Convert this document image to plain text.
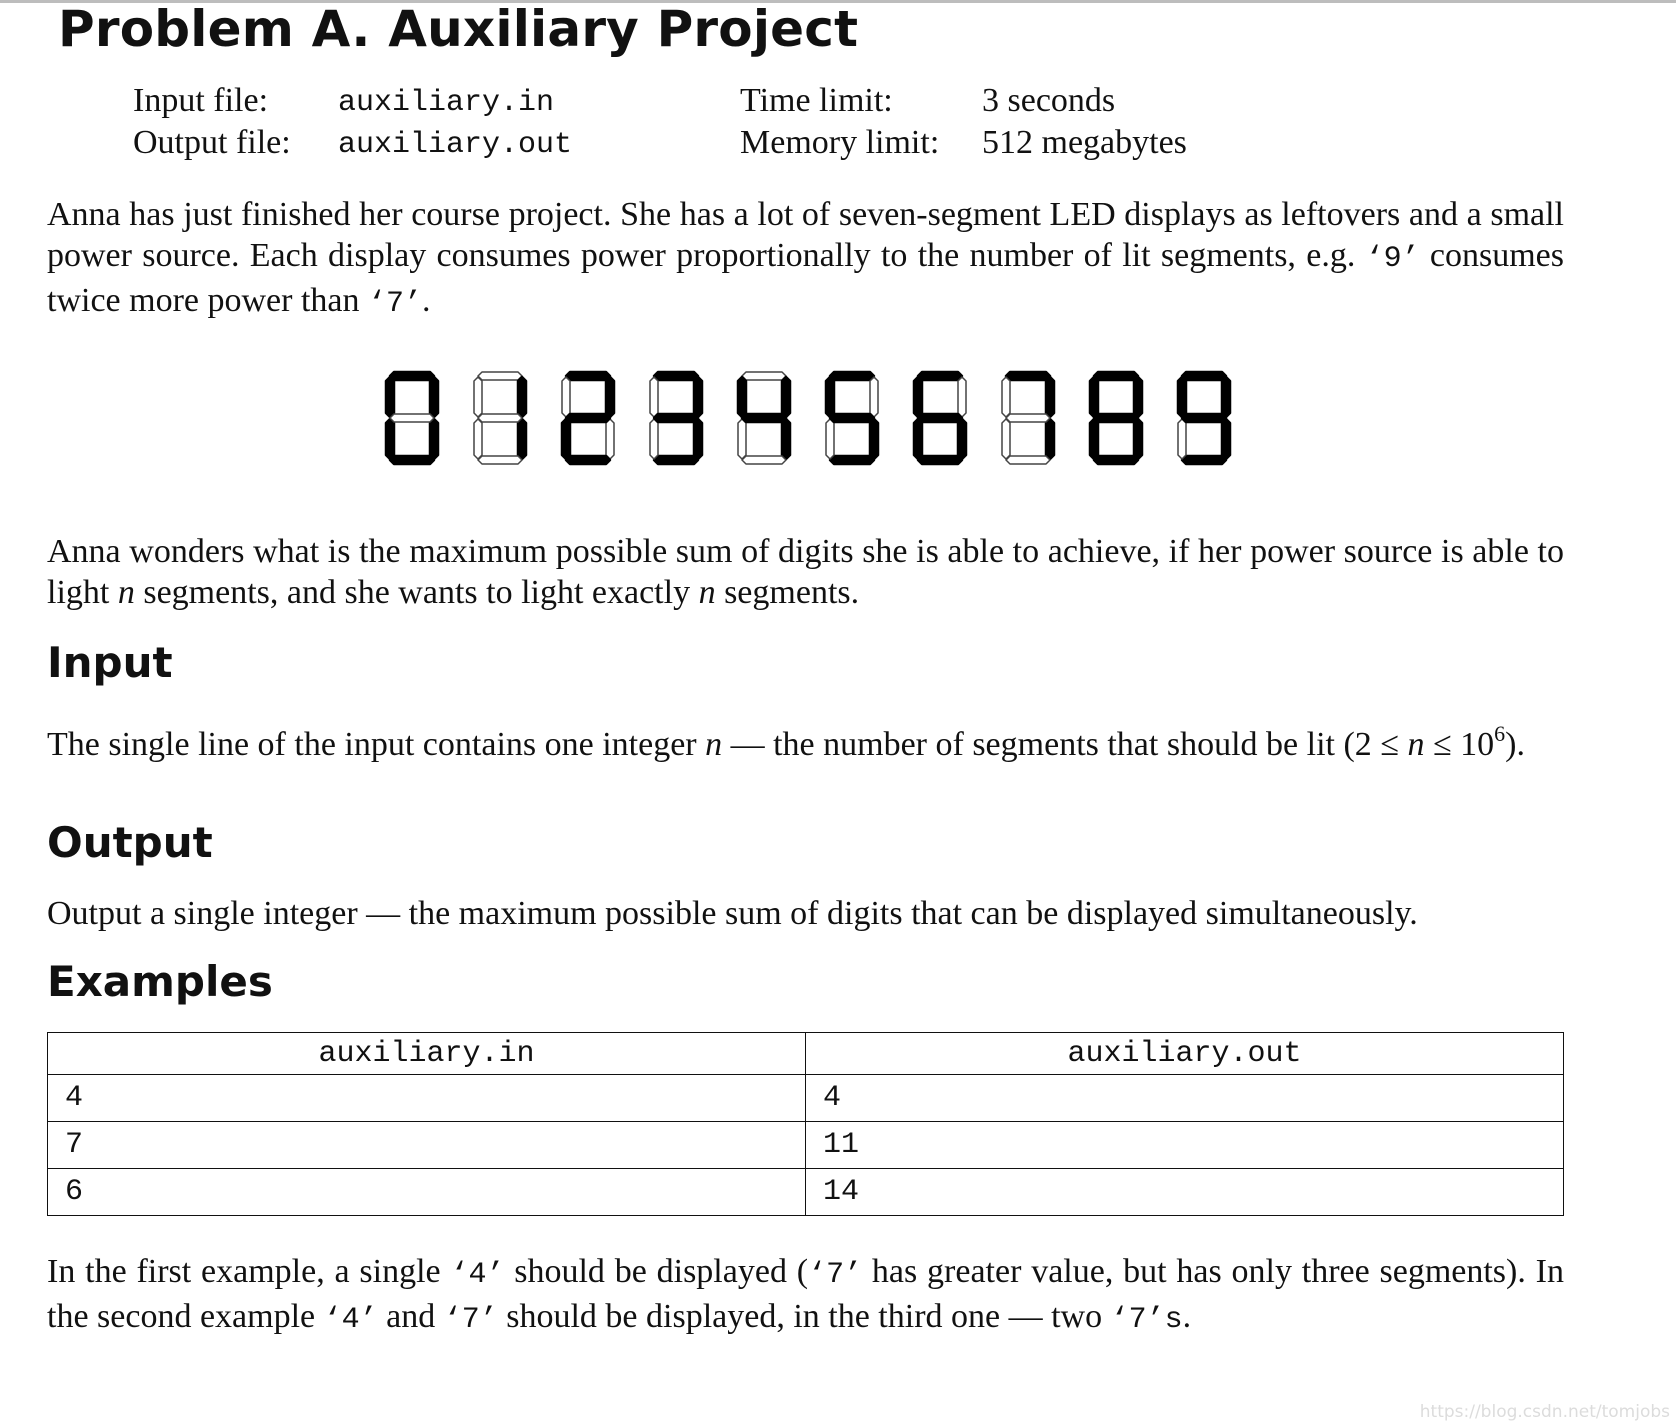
Problem A. Auxiliary Project
Input file: auxiliary.in
Output file: auxiliary.out
Time limit:	3 seconds
Memory limit: 512 megabytes

Anna has just finished her course project. She has a lot of seven-segment LED displays as leftovers and a small power source. Each display consumes power proportionally to the number of lit segments, e.g. ‘9’ consumes twice more power than ‘7’.

Anna wonders what is the maximum possible sum of digits she is able to achieve, if her power source is able to light n segments, and she wants to light exactly n segments.

Input

The single line of the input contains one integer n — the number of segments that should be lit $(2 \le n \le 10^6)$.

Output

Output a single integer — the maximum possible sum of digits that can be displayed simultaneously.

Examples
auxiliary.in	auxiliary.out
4	4
7	11
6	14

In the first example, a single ‘4’ should be displayed (‘7’ has greater value, but has only three segments). In the second example ‘4’ and ‘7’ should be displayed, in the third one — two ‘7’s.

https://blog.csdn.net/tomjobs
